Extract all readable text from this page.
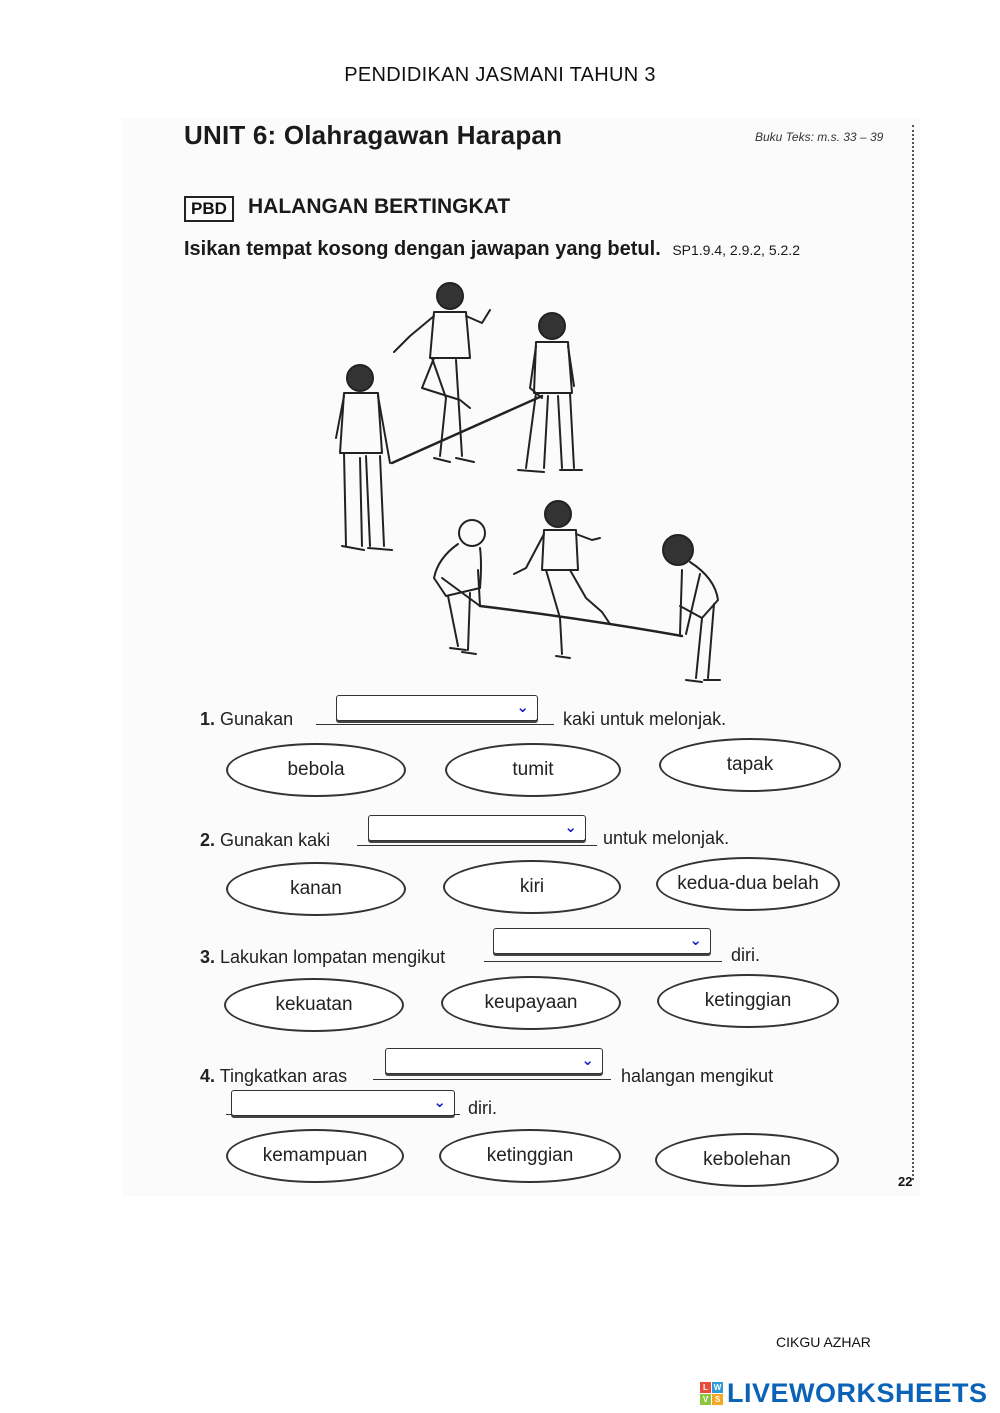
PENDIDIKAN JASMANI TAHUN 3
UNIT 6: Olahragawan Harapan	Buku Teks: m.s. 33 – 39
PBD	HALANGAN BERTINGKAT
Isikan tempat kosong dengan jawapan yang betul. SP1.9.4, 2.9.2, 5.2.2
1. Gunakan
⌄
kaki untuk melonjak.
bebola	tumit	tapak
2. Gunakan kaki
⌄
untuk melonjak.
kanan	kiri	kedua-dua belah
3. Lakukan lompatan mengikut
⌄
diri.
kekuatan	keupayaan	ketinggian
4. Tingkatkan aras
⌄
halangan mengikut
⌄ diri.
kemampuan	ketinggian	kebolehan
22
CIKGU AZHAR
L W
V S LIVEWORKSHEETS
